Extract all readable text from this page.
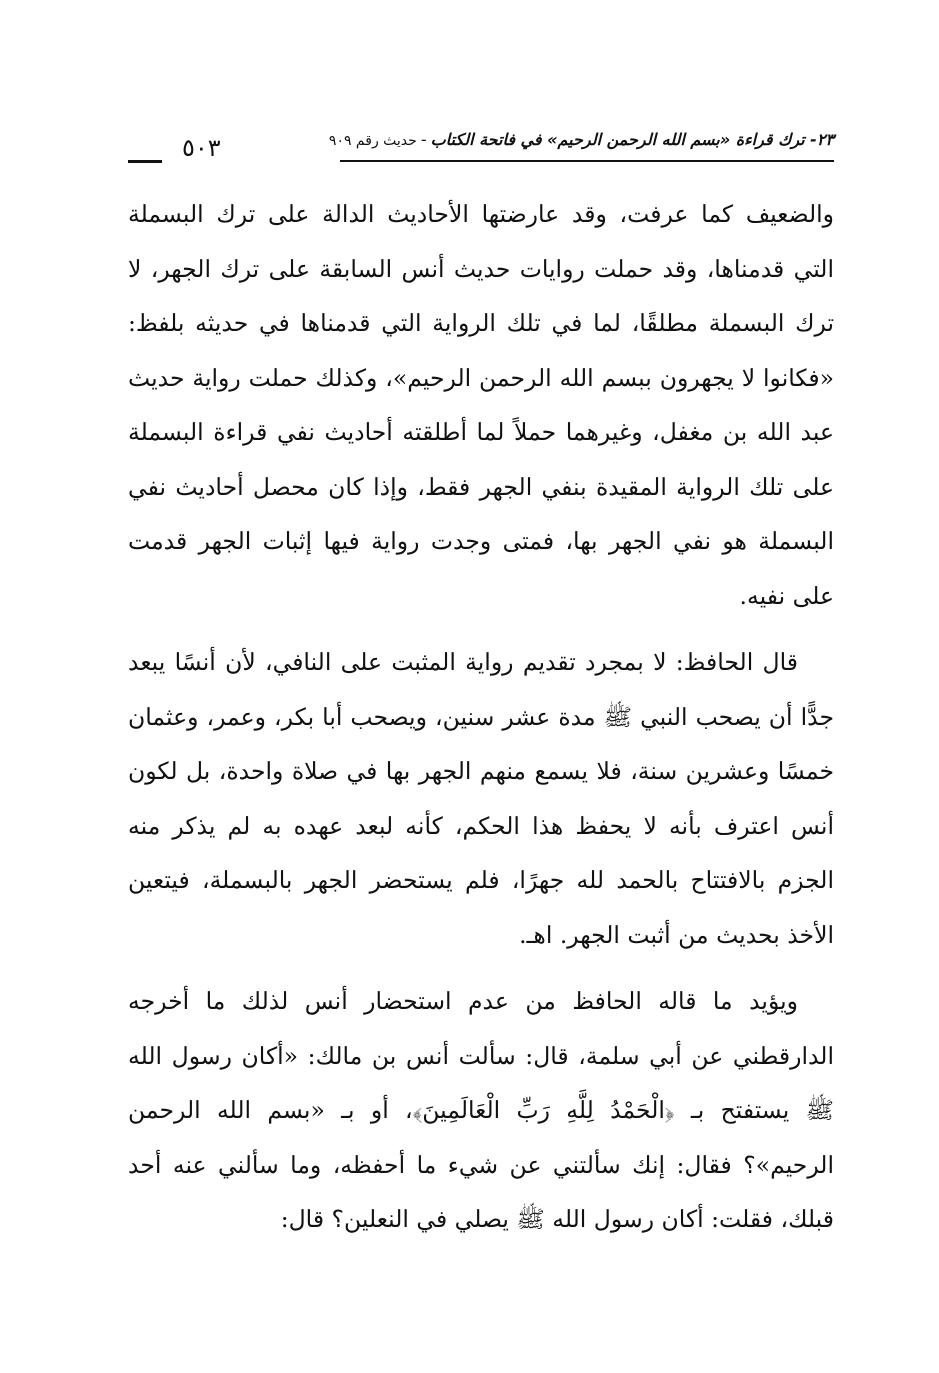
٢٣- ترك قراءة «بسم الله الرحمن الرحيم» في فاتحة الكتاب-حديث رقم ٩٠٩
٥٠٣

والضعيف كما عرفت، وقد عارضتها الأحاديث الدالة على ترك البسملة التي قدمناها، وقد حملت روايات حديث أنس السابقة على ترك الجهر، لا ترك البسملة مطلقًا، لما في تلك الرواية التي قدمناها في حديثه بلفظ: «فكانوا لا يجهرون ببسم الله الرحمن الرحيم»، وكذلك حملت رواية حديث عبد الله بن مغفل، وغيرهما حملاً لما أطلقته أحاديث نفي قراءة البسملة على تلك الرواية المقيدة بنفي الجهر فقط، وإذا كان محصل أحاديث نفي البسملة هو نفي الجهر بها، فمتى وجدت رواية فيها إثبات الجهر قدمت على نفيه.

قال الحافظ: لا بمجرد تقديم رواية المثبت على النافي، لأن أنسًا يبعد جدًّا أن يصحب النبي ﷺ مدة عشر سنين، ويصحب أبا بكر، وعمر، وعثمان خمسًا وعشرين سنة، فلا يسمع منهم الجهر بها في صلاة واحدة، بل لكون أنس اعترف بأنه لا يحفظ هذا الحكم، كأنه لبعد عهده به لم يذكر منه الجزم بالافتتاح بالحمد لله جهرًا، فلم يستحضر الجهر بالبسملة، فيتعين الأخذ بحديث من أثبت الجهر. اهـ.

ويؤيد ما قاله الحافظ من عدم استحضار أنس لذلك ما أخرجه الدارقطني عن أبي سلمة، قال: سألت أنس بن مالك: «أكان رسول الله ﷺ يستفتح بـ ﴿الْحَمْدُ لِلَّهِ رَبِّ الْعَالَمِينَ﴾، أو بـ «بسم الله الرحمن الرحيم»؟ فقال: إنك سألتني عن شيء ما أحفظه، وما سألني عنه أحد قبلك، فقلت: أكان رسول الله ﷺ يصلي في النعلين؟ قال:
